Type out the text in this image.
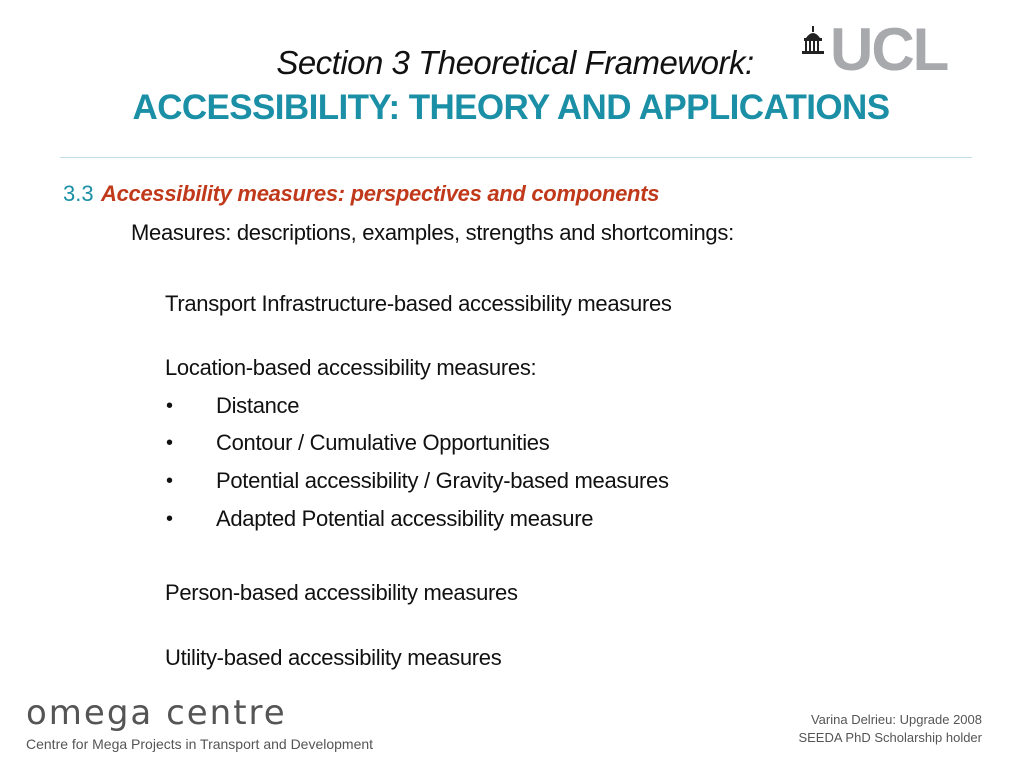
Section 3 Theoretical Framework:
ACCESSIBILITY: THEORY AND APPLICATIONS
UCL
3.3 Accessibility measures: perspectives and components
Measures: descriptions, examples, strengths and shortcomings:
Transport Infrastructure-based accessibility measures
Location-based accessibility measures:
• Distance
• Contour / Cumulative Opportunities
• Potential accessibility / Gravity-based measures
• Adapted Potential accessibility measure
Person-based accessibility measures
Utility-based accessibility measures
omega centre
Centre for Mega Projects in Transport and Development
Varina Delrieu: Upgrade 2008
SEEDA PhD Scholarship holder
